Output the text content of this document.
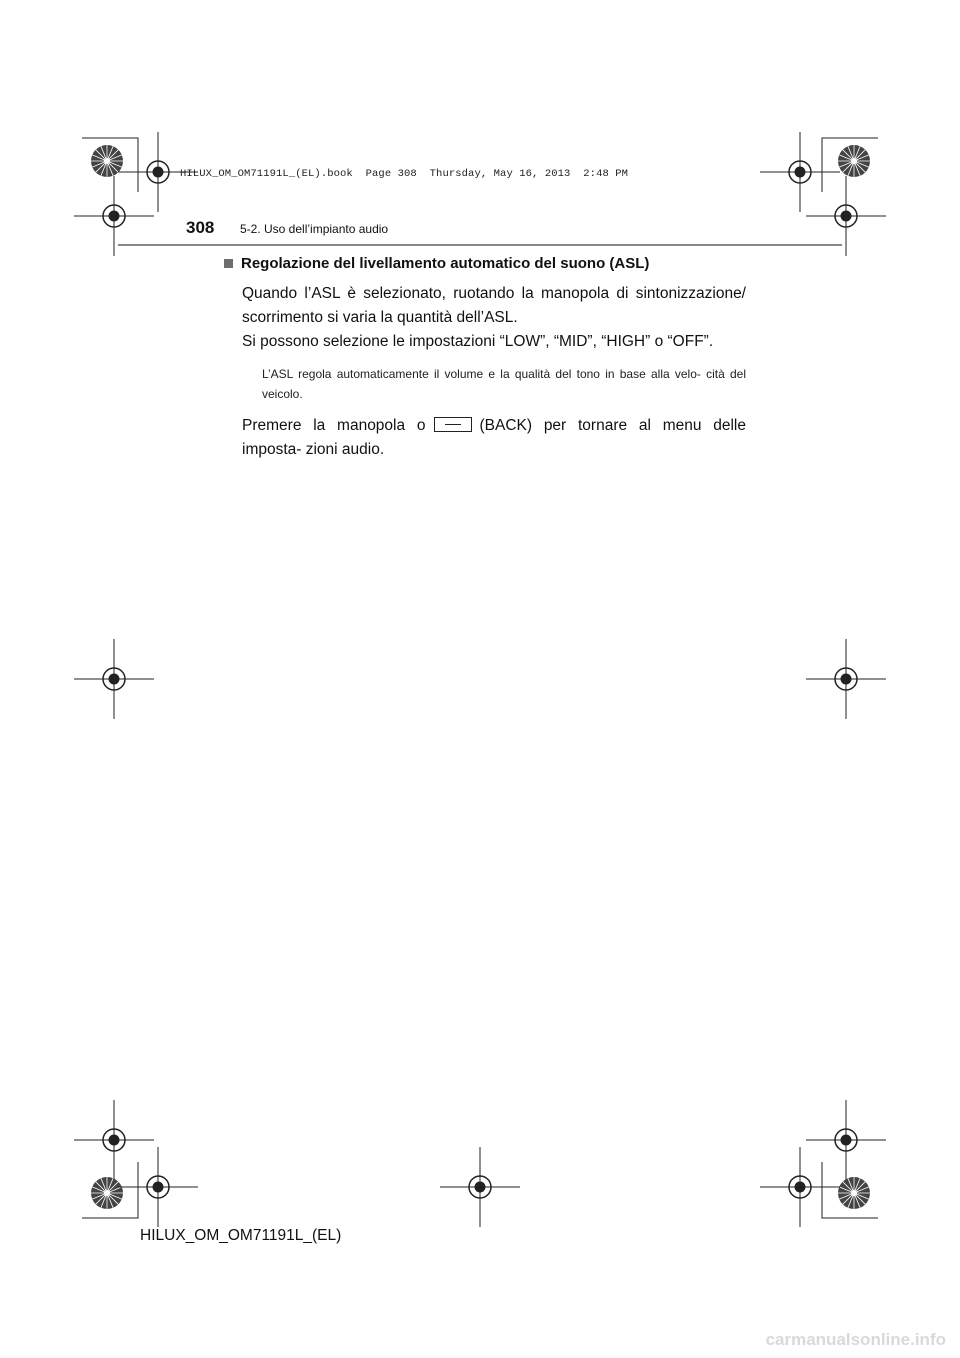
HILUX_OM_OM71191L_(EL).book  Page 308  Thursday, May 16, 2013  2:48 PM
308 5-2. Uso dell’impianto audio
Regolazione del livellamento automatico del suono (ASL)

Quando l’ASL è selezionato, ruotando la manopola di sintonizzazione/ scorrimento si varia la quantità dell’ASL.

Si possono selezione le impostazioni “LOW”, “MID”, “HIGH” o “OFF”.

L’ASL regola automaticamente il volume e la qualità del tono in base alla velo- cità del veicolo.

Premere la manopola o	(BACK) per tornare al menu delle imposta- zioni audio.

HILUX_OM_OM71191L_(EL)
carmanualsonline.info
